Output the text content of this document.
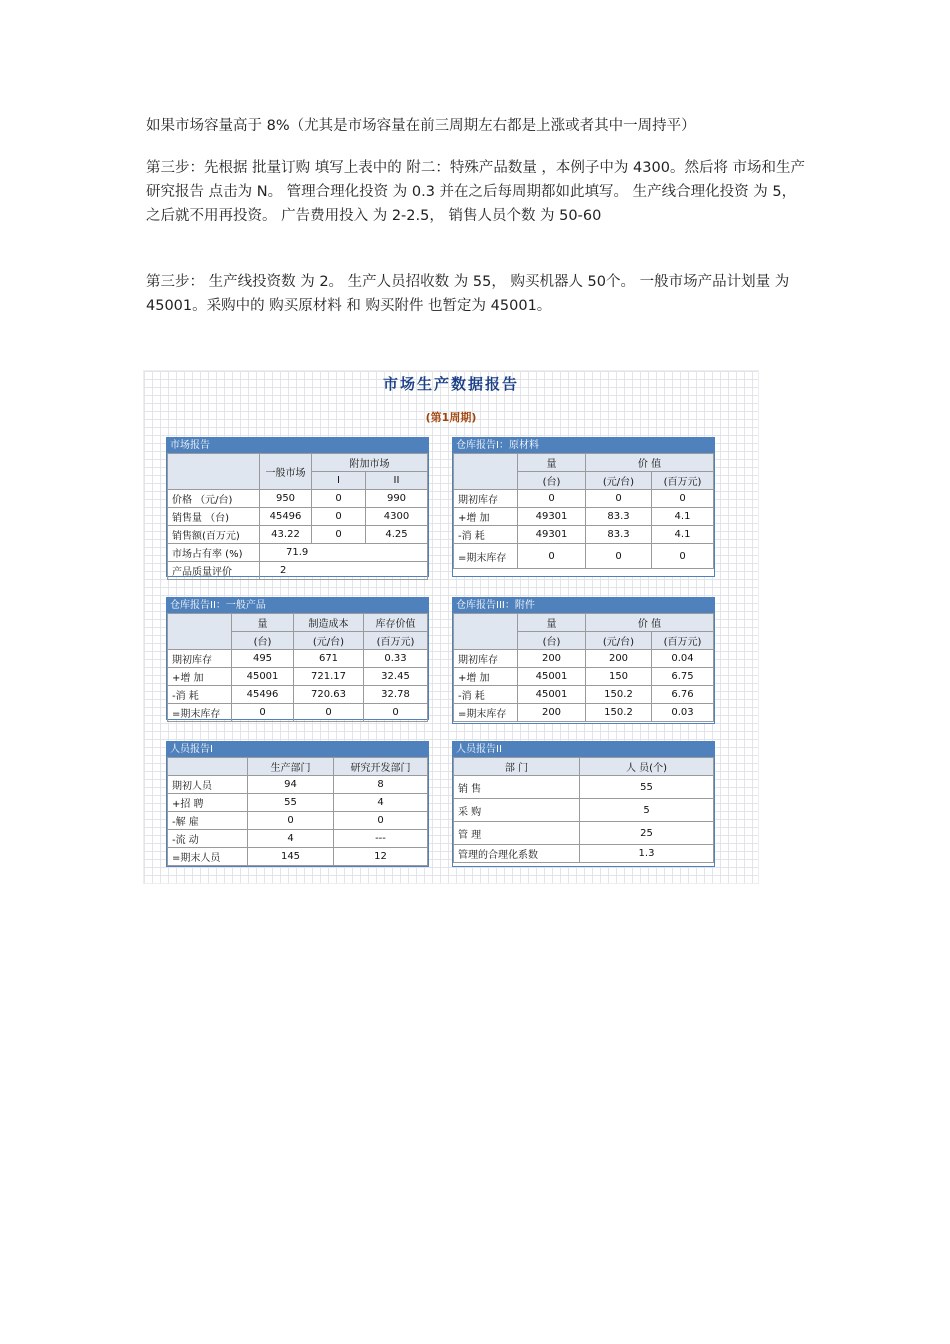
如果市场容量高于 8%（尤其是市场容量在前三周期左右都是上涨或者其中一周持平）
第三步：先根据 批量订购 填写上表中的 附二：特殊产品数量 ，本例子中为 4300。然后将 市场和生产研究报告 点击为 N。 管理合理化投资 为 0.3 并在之后每周期都如此填写。 生产线合理化投资 为 5，之后就不用再投资。 广告费用投入 为 2-2.5， 销售人员个数 为 50-60
第三步： 生产线投资数 为 2。 生产人员招收数 为 55， 购买机器人 50个。 一般市场产品计划量 为 45001。采购中的 购买原材料 和 购买附件 也暂定为 45001。
市场生产数据报告
(第1周期)
市场报告
	一般市场	附加市场	
		I	II
价格 （元/台)	950	0	990
销售量 （台)	45496	0	4300
销售额(百万元)	43.22	0	4.25
市场占有率 (%)	71.9		
产品质量评价	2		
仓库报告I：原材料
	量	价 值	
	(台)	(元/台)	(百万元)
期初库存	0	0	0
+增 加	49301	83.3	4.1
-消 耗	49301	83.3	4.1
=期末库存	0	0	0
仓库报告II：一般产品
	量	制造成本	库存价值
	(台)	(元/台)	(百万元)
期初库存	495	671	0.33
+增 加	45001	721.17	32.45
-消 耗	45496	720.63	32.78
=期末库存	0	0	0
仓库报告III：附件
	量	价 值	
	(台)	(元/台)	(百万元)
期初库存	200	200	0.04
+增 加	45001	150	6.75
-消 耗	45001	150.2	6.76
=期末库存	200	150.2	0.03
人员报告I
	生产部门	研究开发部门
期初人员	94	8
+招 聘	55	4
-解 雇	0	0
-流 动	4	---
=期末人员	145	12
人员报告II
部 门	人 员(个)
销 售	55
采 购	5
管 理	25
管理的合理化系数	1.3
